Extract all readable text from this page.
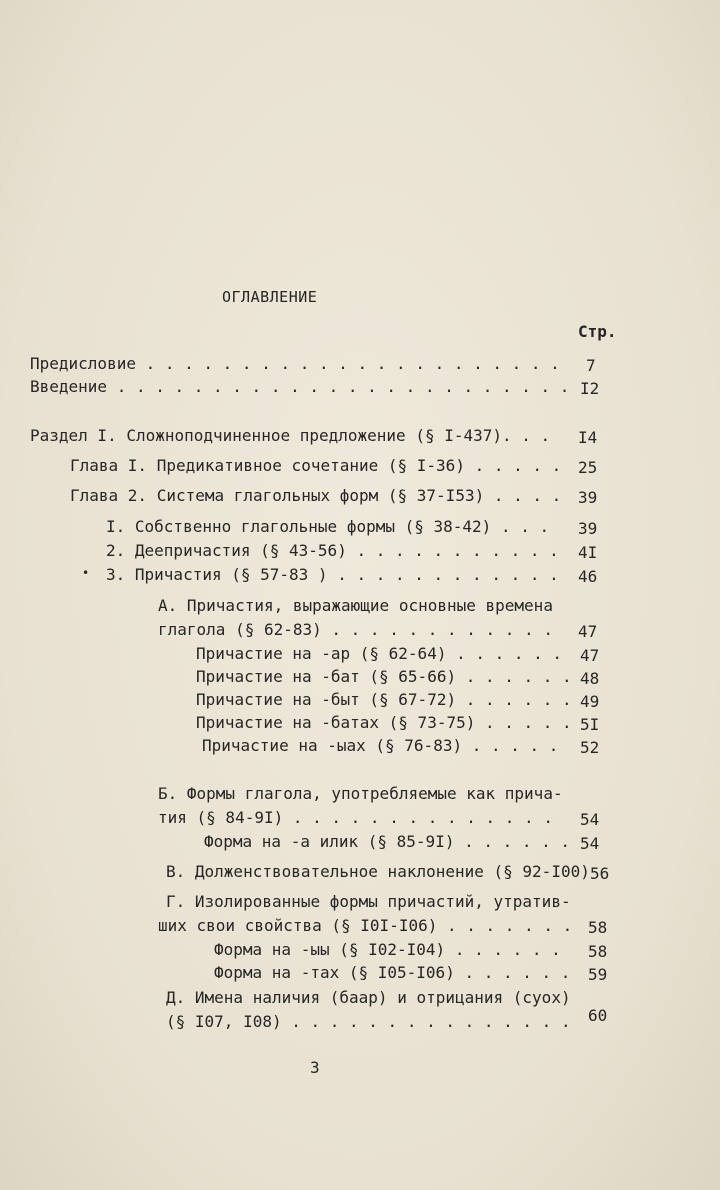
ОГЛАВЛЕНИЕ
Стр.
Предисловие . . . . . . . . . . . . . . . . . . . . . . 7
Введение . . . . . . . . . . . . . . . . . . . . . . . . I2
Раздел I. Сложноподчиненное предложение (§ I-437). . . I4
Глава I. Предикативное сочетание (§ I-36) . . . . . 25
Глава 2. Система глагольных форм (§ 37-I53) . . . . 39
I. Собственно глагольные формы (§ 38-42) . . . 39
2. Деепричастия (§ 43-56) . . . . . . . . . . . 4I
• 3. Причастия (§ 57-83 ) . . . . . . . . . . . . 46
А. Причастия, выражающие основные времена
глагола (§ 62-83) . . . . . . . . . . . . 47
Причастие на -ар (§ 62-64) . . . . . . 47
Причастие на -бат (§ 65-66) . . . . . . 48
Причастие на -быт (§ 67-72) . . . . . . 49
Причастие на -батах (§ 73-75) . . . . . 5I
Причастие на -ыах (§ 76-83) . . . . . 52
Б. Формы глагола, употребляемые как прича-
тия (§ 84-9I) . . . . . . . . . . . . . . 54
Форма на -а илик (§ 85-9I) . . . . . . 54
В. Долженствовательное наклонение (§ 92-I00) 56
Г. Изолированные формы причастий, утратив-
ших свои свойства (§ I0I-I06) . . . . . . . 58
Форма на -ыы (§ I02-I04) . . . . . . 58
Форма на -тах (§ I05-I06) . . . . . . 59
Д. Имена наличия (баар) и отрицания (суох)
(§ I07, I08) . . . . . . . . . . . . . . . 60
3
